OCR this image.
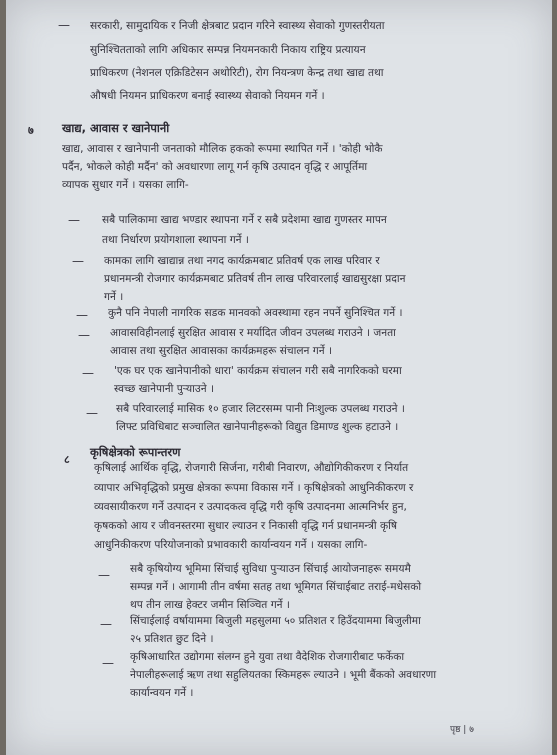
— सरकारी, सामुदायिक र निजी क्षेत्रबाट प्रदान गरिने स्वास्थ्य सेवाको गुणस्तरीयता
सुनिश्चितताको लागि अधिकार सम्पन्न नियमनकारी निकाय राष्ट्रिय प्रत्यायन
प्राधिकरण (नेशनल एक्रिडिटेसन अथोरिटी), रोग नियन्त्रण केन्द्र तथा खाद्य तथा
औषधी नियमन प्राधिकरण बनाई स्वास्थ्य सेवाको नियमन गर्ने ।
७ खाद्य, आवास र खानेपानी
खाद्य, आवास र खानेपानी जनताको मौलिक हकको रूपमा स्थापित गर्ने । 'कोही भोकै
पर्दैन, भोकले कोही मर्दैन' को अवधारणा लागू गर्न कृषि उत्पादन वृद्धि र आपूर्तिमा
व्यापक सुधार गर्ने । यसका लागि-
— सबै पालिकामा खाद्य भण्डार स्थापना गर्ने र सबै प्रदेशमा खाद्य गुणस्तर मापन
तथा निर्धारण प्रयोगशाला स्थापना गर्ने ।
— कामका लागि खाद्यान्न तथा नगद कार्यक्रमबाट प्रतिवर्ष एक लाख परिवार र
प्रधानमन्त्री रोजगार कार्यक्रमबाट प्रतिवर्ष तीन लाख परिवारलाई खाद्यसुरक्षा प्रदान
गर्ने ।
— कुनै पनि नेपाली नागरिक सडक मानवको अवस्थामा रहन नपर्ने सुनिश्चित गर्ने ।
— आवासविहीनलाई सुरक्षित आवास र मर्यादित जीवन उपलब्ध गराउने । जनता
आवास तथा सुरक्षित आवासका कार्यक्रमहरू संचालन गर्ने ।
— 'एक घर एक खानेपानीको धारा' कार्यक्रम संचालन गरी सबै नागरिकको घरमा
स्वच्छ खानेपानी पुऱ्याउने ।
— सबै परिवारलाई मासिक १० हजार लिटरसम्म पानी निःशुल्क उपलब्ध गराउने ।
लिफ्ट प्रविधिबाट सञ्चालित खानेपानीहरूको विद्युत डिमाण्ड शुल्क हटाउने ।
८
कृषिक्षेत्रको रूपान्तरण
कृषिलाई आर्थिक वृद्धि, रोजगारी सिर्जना, गरीबी निवारण, औद्योगिकीकरण र निर्यात
व्यापार अभिवृद्धिको प्रमुख क्षेत्रका रूपमा विकास गर्ने । कृषिक्षेत्रको आधुनिकीकरण र
व्यवसायीकरण गर्ने उत्पादन र उत्पादकत्व वृद्धि गरी कृषि उत्पादनमा आत्मनिर्भर हुन,
कृषकको आय र जीवनस्तरमा सुधार ल्याउन र निकासी वृद्धि गर्न प्रधानमन्त्री कृषि
आधुनिकीकरण परियोजनाको प्रभावकारी कार्यान्वयन गर्ने । यसका लागि-
— सबै कृषियोग्य भूमिमा सिंचाई सुविधा पुऱ्याउन सिंचाई आयोजनाहरू समयमै
सम्पन्न गर्ने । आगामी तीन वर्षमा सतह तथा भूमिगत सिंचाईबाट तराई-मधेसको
थप तीन लाख हेक्टर जमीन सिञ्चित गर्ने ।
— सिंचाईलाई वर्षायाममा बिजुली महसुलमा ५० प्रतिशत र हिउँदयाममा बिजुलीमा
२५ प्रतिशत छुट दिने ।
— कृषिआधारित उद्योगमा संलग्न हुने युवा तथा वैदेशिक रोजगारीबाट फर्केका
नेपालीहरूलाई ऋण तथा सहुलियतका स्किमहरू ल्याउने । भूमी बैंकको अवधारणा
कार्यान्वयन गर्ने ।
पृष्ठ | ७
